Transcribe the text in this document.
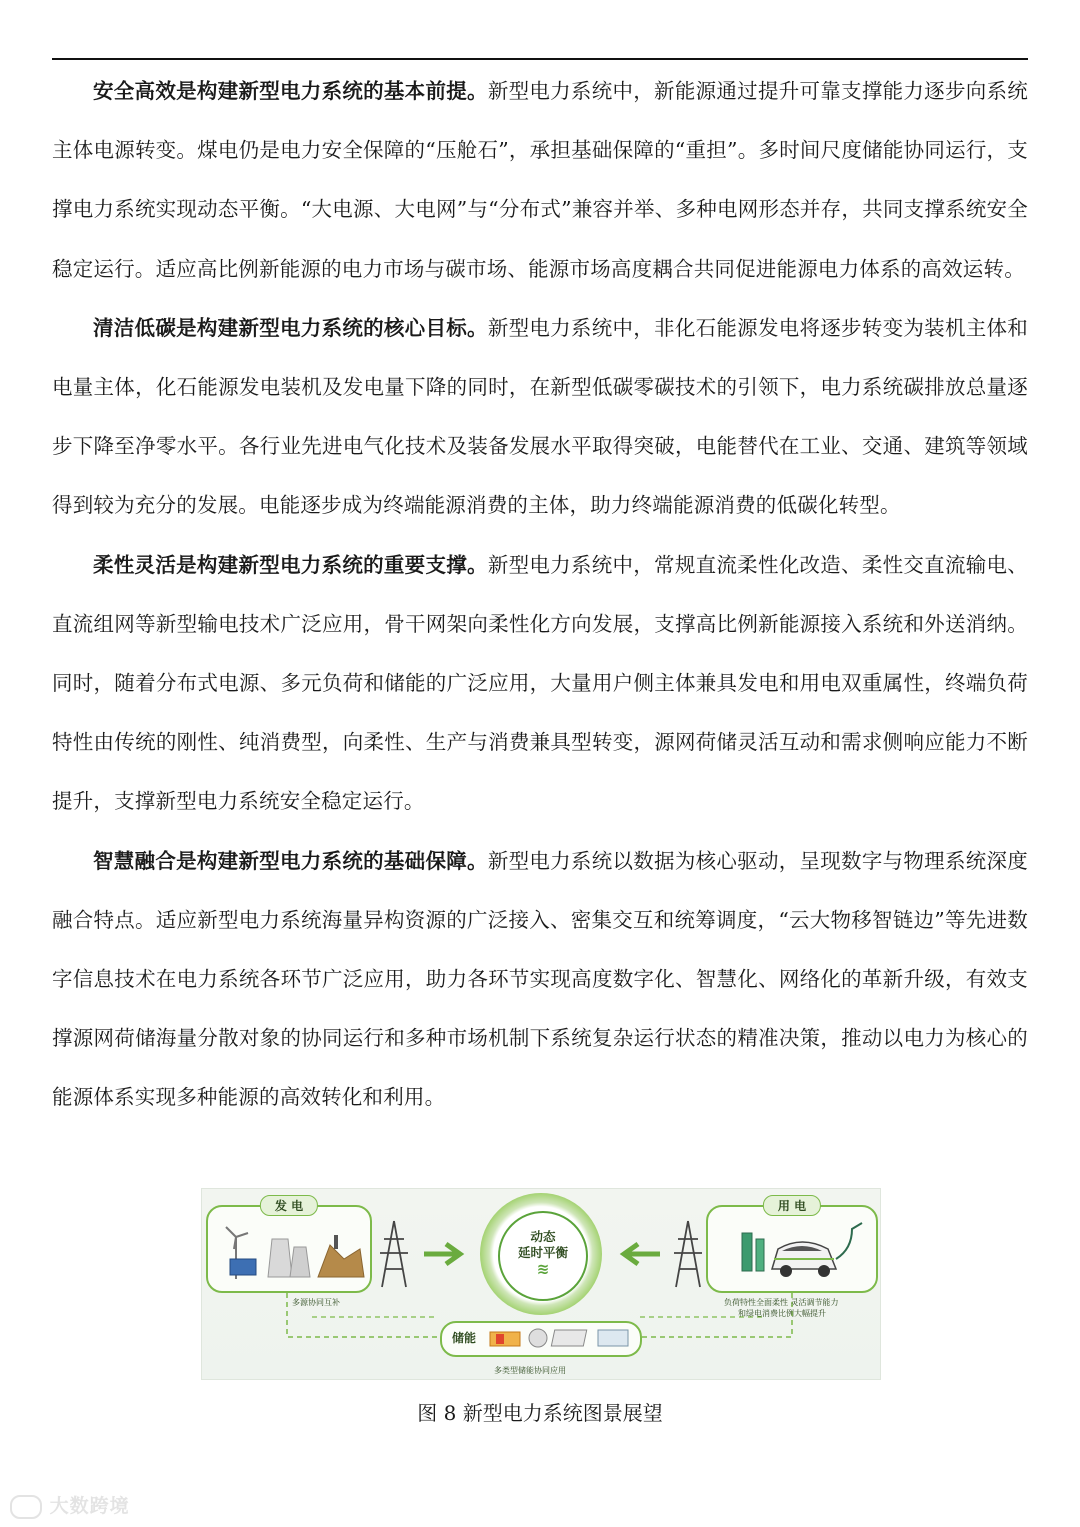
安全高效是构建新型电力系统的基本前提。新型电力系统中，新能源通过提升可靠支撑能力逐步向系统主体电源转变。煤电仍是电力安全保障的“压舱石”，承担基础保障的“重担”。多时间尺度储能协同运行，支撑电力系统实现动态平衡。“大电源、大电网”与“分布式”兼容并举、多种电网形态并存，共同支撑系统安全稳定运行。适应高比例新能源的电力市场与碳市场、能源市场高度耦合共同促进能源电力体系的高效运转。

清洁低碳是构建新型电力系统的核心目标。新型电力系统中，非化石能源发电将逐步转变为装机主体和电量主体，化石能源发电装机及发电量下降的同时，在新型低碳零碳技术的引领下，电力系统碳排放总量逐步下降至净零水平。各行业先进电气化技术及装备发展水平取得突破，电能替代在工业、交通、建筑等领域得到较为充分的发展。电能逐步成为终端能源消费的主体，助力终端能源消费的低碳化转型。

柔性灵活是构建新型电力系统的重要支撑。新型电力系统中，常规直流柔性化改造、柔性交直流输电、直流组网等新型输电技术广泛应用，骨干网架向柔性化方向发展，支撑高比例新能源接入系统和外送消纳。同时，随着分布式电源、多元负荷和储能的广泛应用，大量用户侧主体兼具发电和用电双重属性，终端负荷特性由传统的刚性、纯消费型，向柔性、生产与消费兼具型转变，源网荷储灵活互动和需求侧响应能力不断提升，支撑新型电力系统安全稳定运行。

智慧融合是构建新型电力系统的基础保障。新型电力系统以数据为核心驱动，呈现数字与物理系统深度融合特点。适应新型电力系统海量异构资源的广泛接入、密集交互和统筹调度，“云大物移智链边”等先进数字信息技术在电力系统各环节广泛应用，助力各环节实现高度数字化、智慧化、网络化的革新升级，有效支撑源网荷储海量分散对象的协同运行和多种市场机制下系统复杂运行状态的精准决策，推动以电力为核心的能源体系实现多种能源的高效转化和利用。

发 电
多源协同互补
动态
延时平衡
≋
用 电
负荷特性全面柔性 灵活调节能力
和绿电消费比例大幅提升
储能
多类型储能协同应用
图 8 新型电力系统图景展望
大数跨境
